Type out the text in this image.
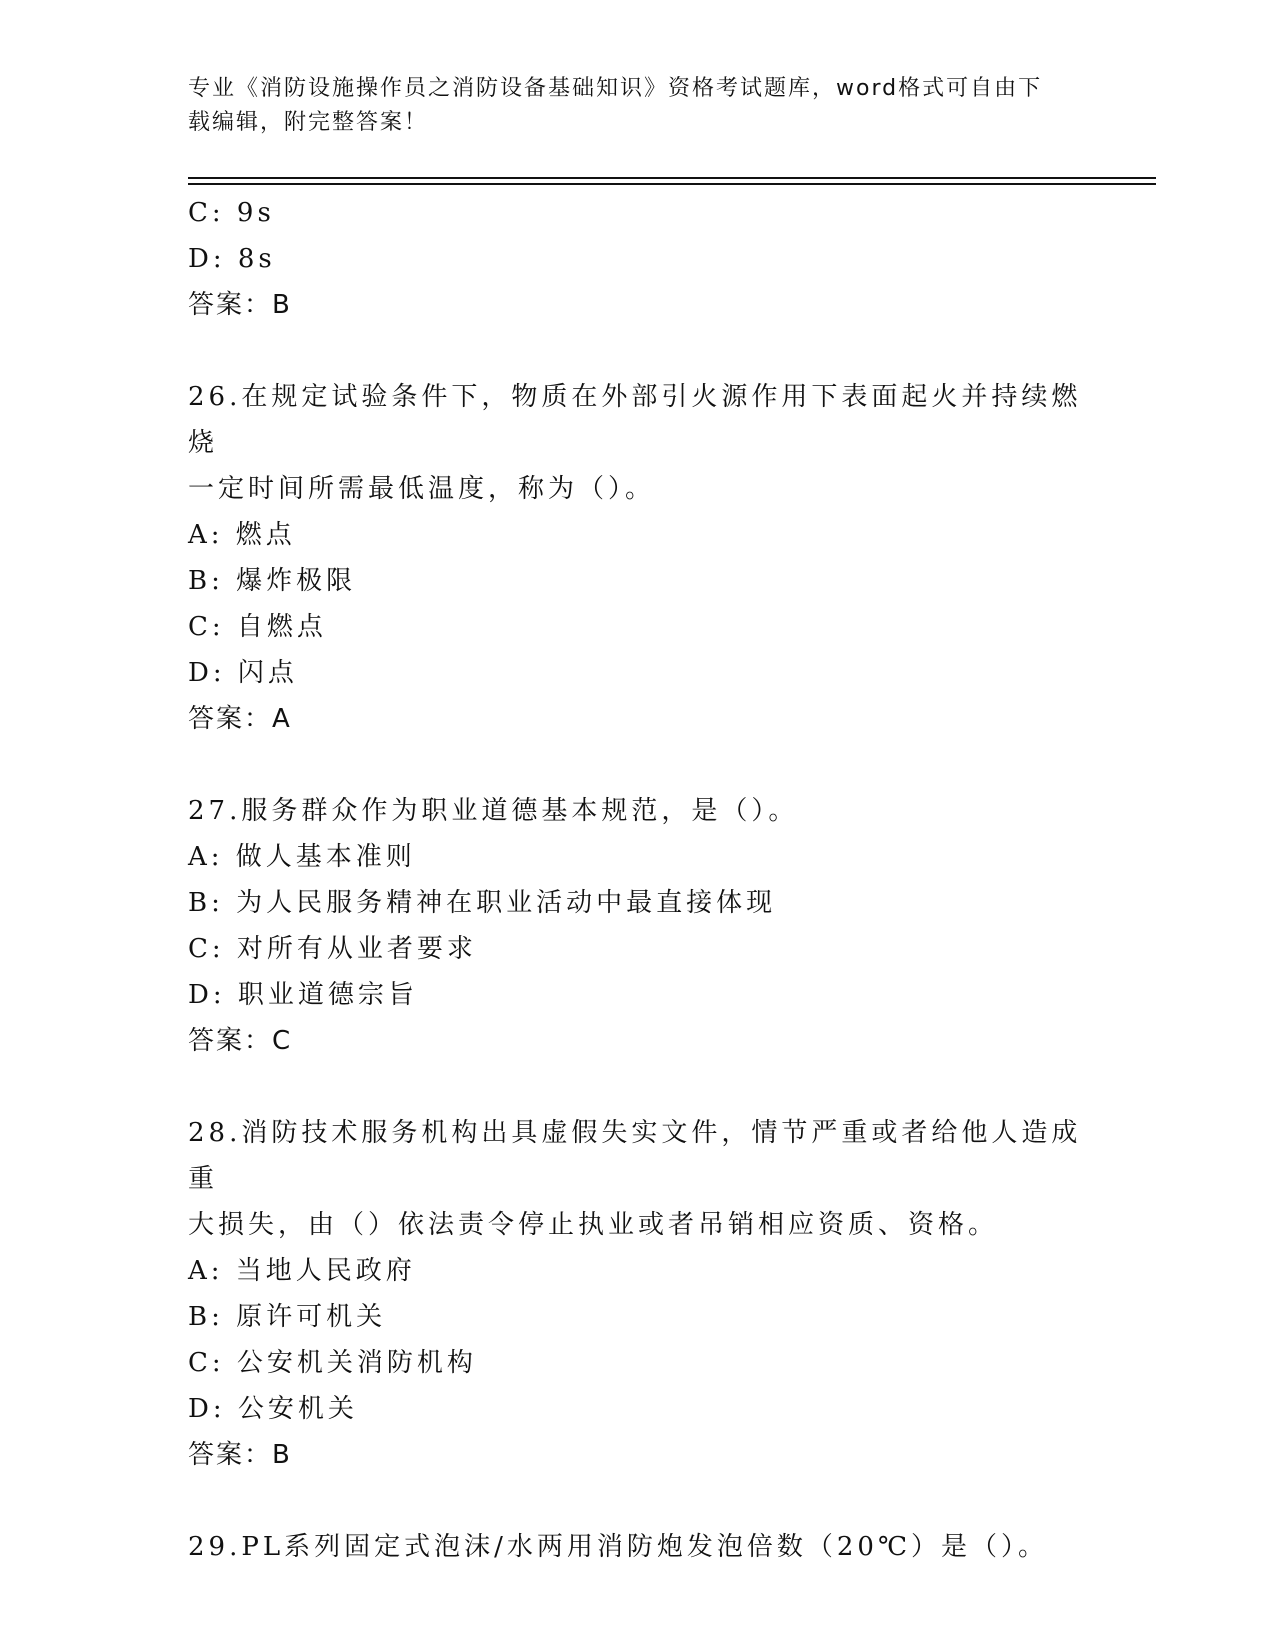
专业《消防设施操作员之消防设备基础知识》资格考试题库，word格式可自由下
载编辑，附完整答案！
C: 9s
D: 8s
答案：B
26.在规定试验条件下，物质在外部引火源作用下表面起火并持续燃烧
一定时间所需最低温度，称为（）。
A: 燃点
B: 爆炸极限
C: 自燃点
D: 闪点
答案：A
27.服务群众作为职业道德基本规范，是（）。
A: 做人基本准则
B: 为人民服务精神在职业活动中最直接体现
C: 对所有从业者要求
D: 职业道德宗旨
答案：C
28.消防技术服务机构出具虚假失实文件，情节严重或者给他人造成重
大损失，由（）依法责令停止执业或者吊销相应资质、资格。
A: 当地人民政府
B: 原许可机关
C: 公安机关消防机构
D: 公安机关
答案：B
29.PL系列固定式泡沫/水两用消防炮发泡倍数（20℃）是（）。
